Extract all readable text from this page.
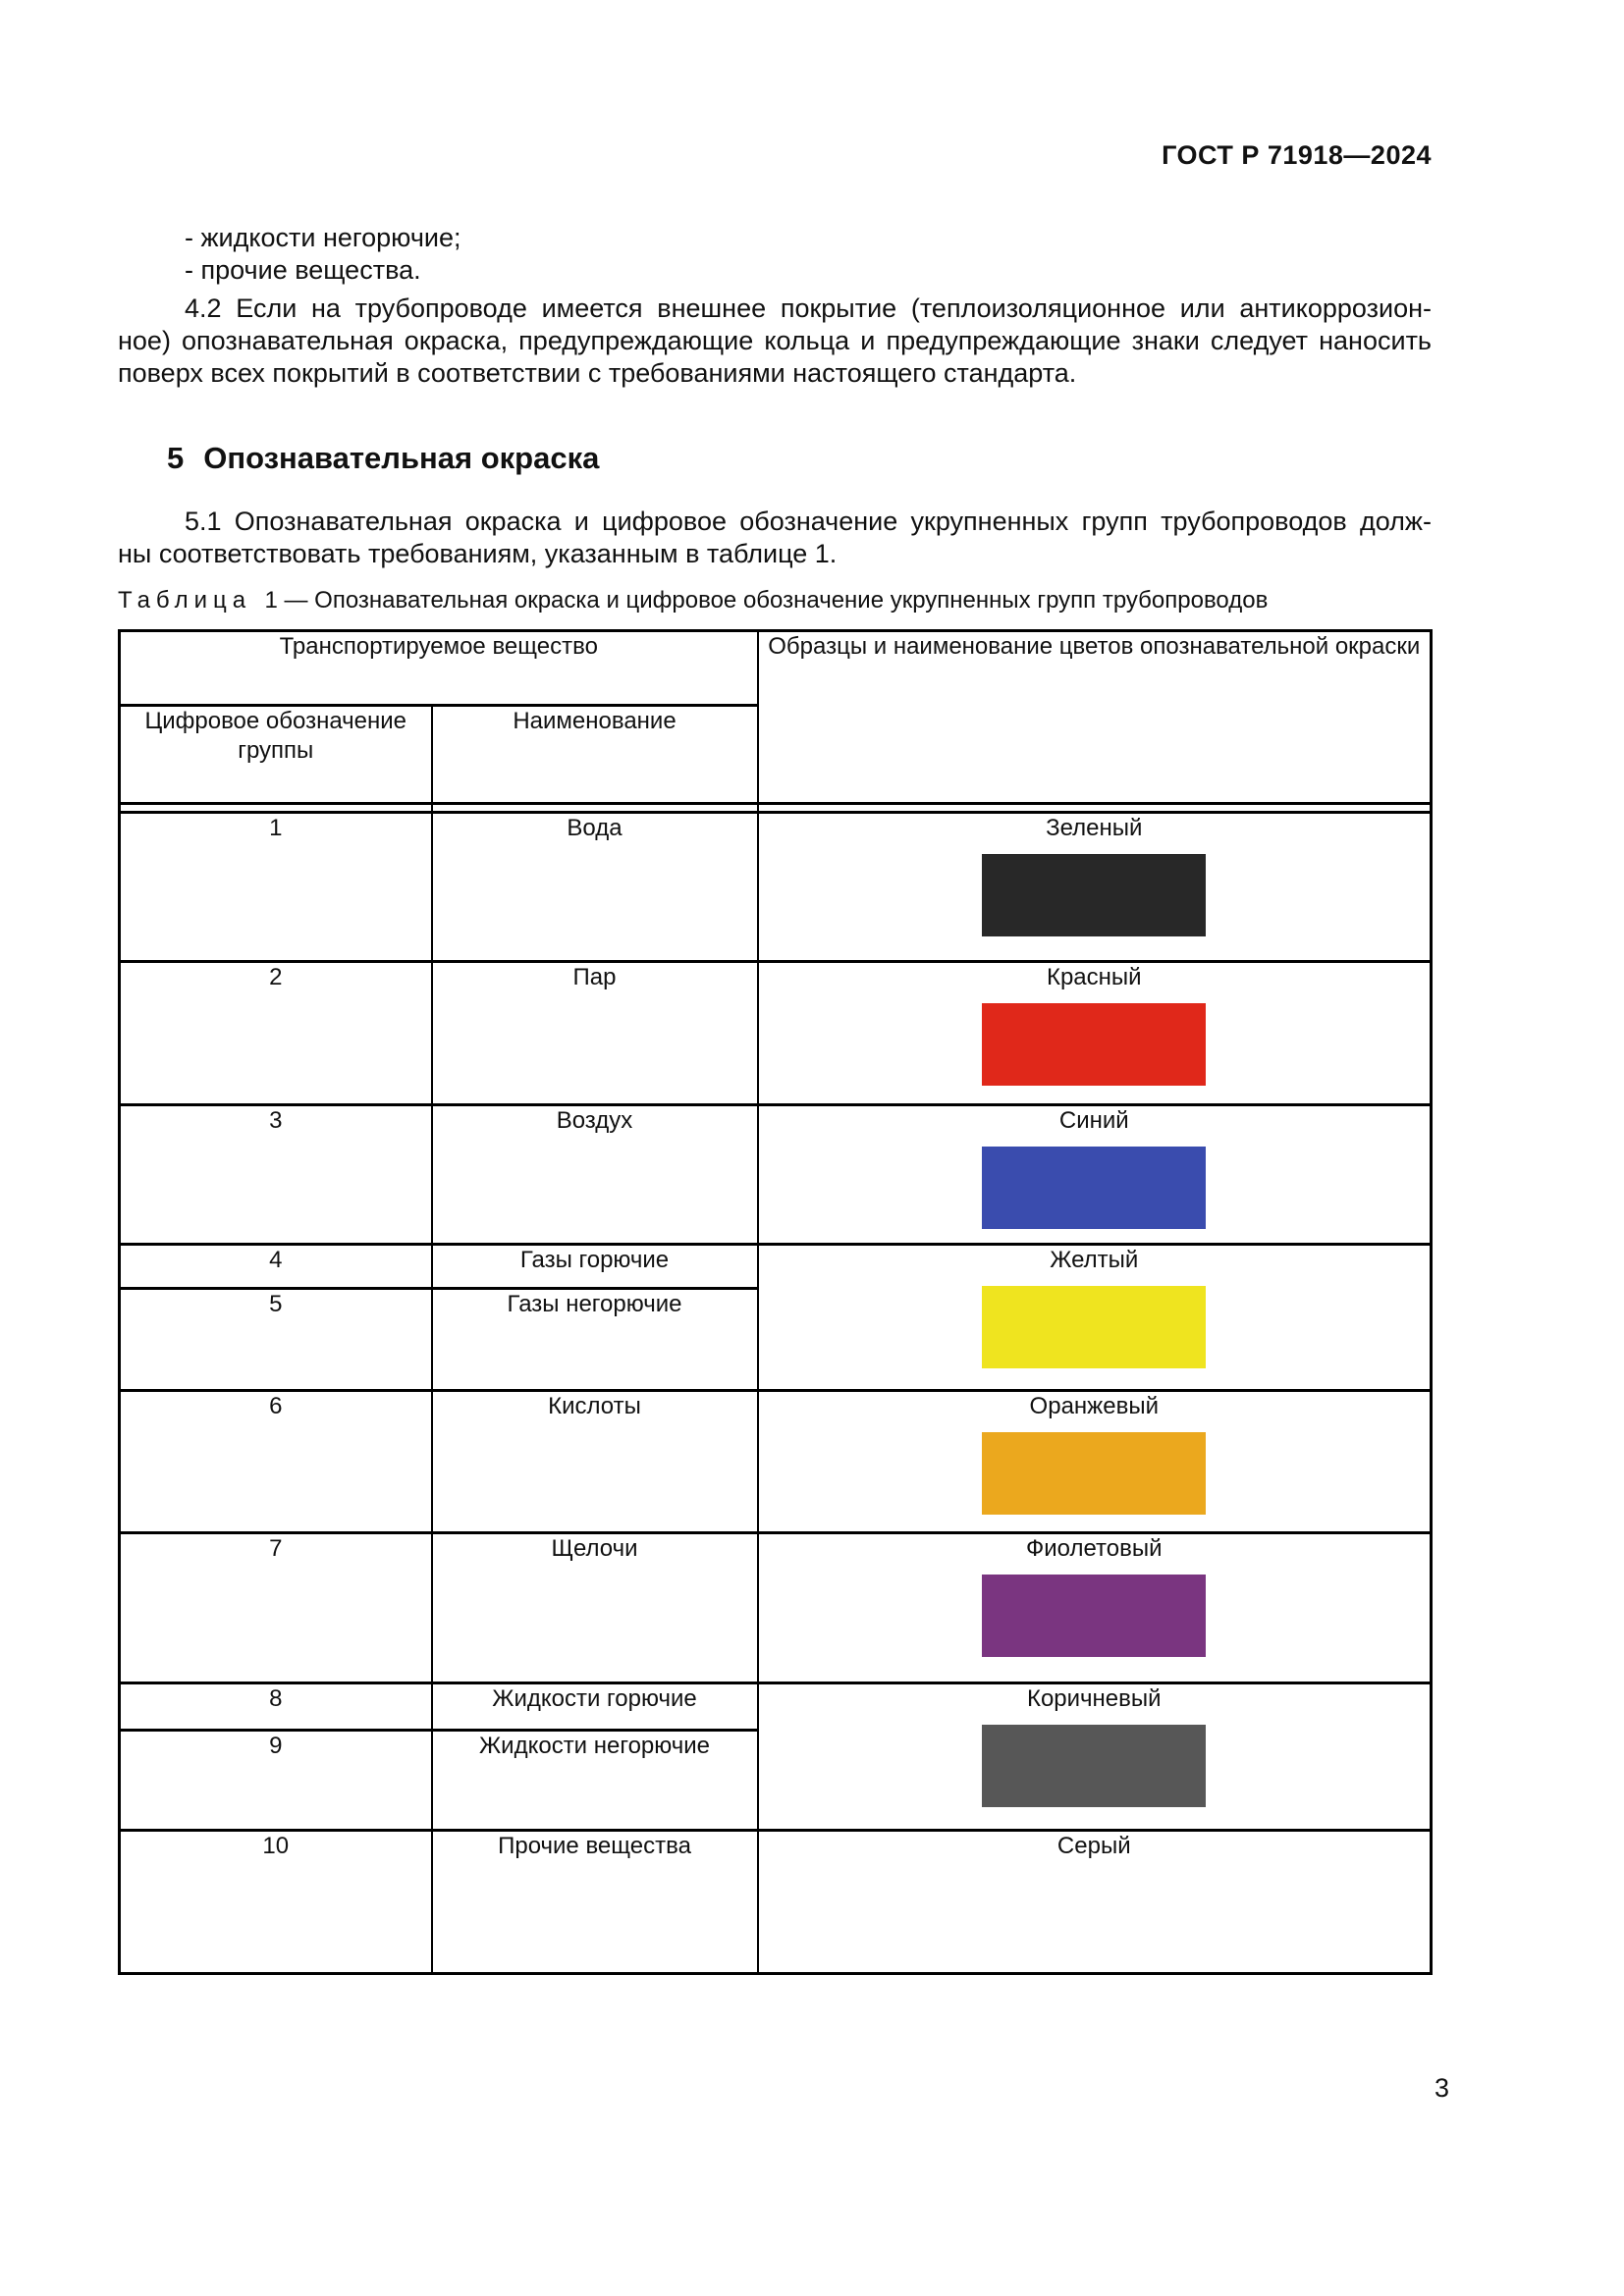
ГОСТ Р 71918—2024
- жидкости негорючие;
- прочие вещества.
4.2 Если на трубопроводе имеется внешнее покрытие (теплоизоляционное или антикоррозион-
ное) опознавательная окраска, предупреждающие кольца и предупреждающие знаки следует наносить
поверх всех покрытий в соответствии с требованиями настоящего стандарта.
5 Опознавательная окраска
5.1 Опознавательная окраска и цифровое обозначение укрупненных групп трубопроводов долж-
ны соответствовать требованиям, указанным в таблице 1.
Таблица 1 — Опознавательная окраска и цифровое обозначение укрупненных групп трубопроводов
Транспортируемое вещество		Образцы и наименование цветов опознавательной окраски
Цифровое обозначение группы	Наименование	

1	Вода	Зеленый

2	Пар	Красный

3	Воздух	Синий

4	Газы горючие	Желтый

5	Газы негорючие	
6	Кислоты	Оранжевый

7	Щелочи	Фиолетовый

8	Жидкости горючие	Коричневый

9	Жидкости негорючие	
10	Прочие вещества	Серый
3
